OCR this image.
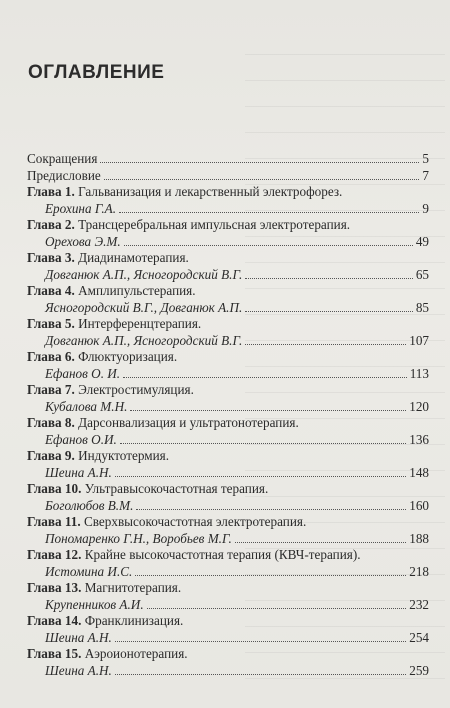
ОГЛАВЛЕНИЕ
Сокращения	5
Предисловие	7
Глава 1. Гальванизация и лекарственный электрофорез.
Ерохина Г.А.	9
Глава 2. Трансцеребральная импульсная электротерапия.
Орехова Э.М.	49
Глава 3. Диадинамотерапия.
Довганюк А.П., Ясногородский В.Г.	65
Глава 4. Амплипульстерапия.
Ясногородский В.Г., Довганюк А.П.	85
Глава 5. Интерференцтерапия.
Довганюк А.П., Ясногородский В.Г.	107
Глава 6. Флюктуоризация.
Ефанов О. И.	113
Глава 7. Электростимуляция.
Кубалова М.Н.	120
Глава 8. Дарсонвализация и ультратонотерапия.
Ефанов О.И.	136
Глава 9. Индуктотермия.
Шеина А.Н.	148
Глава 10. Ультравысокочастотная терапия.
Боголюбов В.М.	160
Глава 11. Сверхвысокочастотная электротерапия.
Пономаренко Г.Н., Воробьев М.Г.	188
Глава 12. Крайне высокочастотная терапия (КВЧ-терапия).
Истомина И.С.	218
Глава 13. Магнитотерапия.
Крупенников А.И.	232
Глава 14. Франклинизация.
Шеина А.Н.	254
Глава 15. Аэроионотерапия.
Шеина А.Н.	259
